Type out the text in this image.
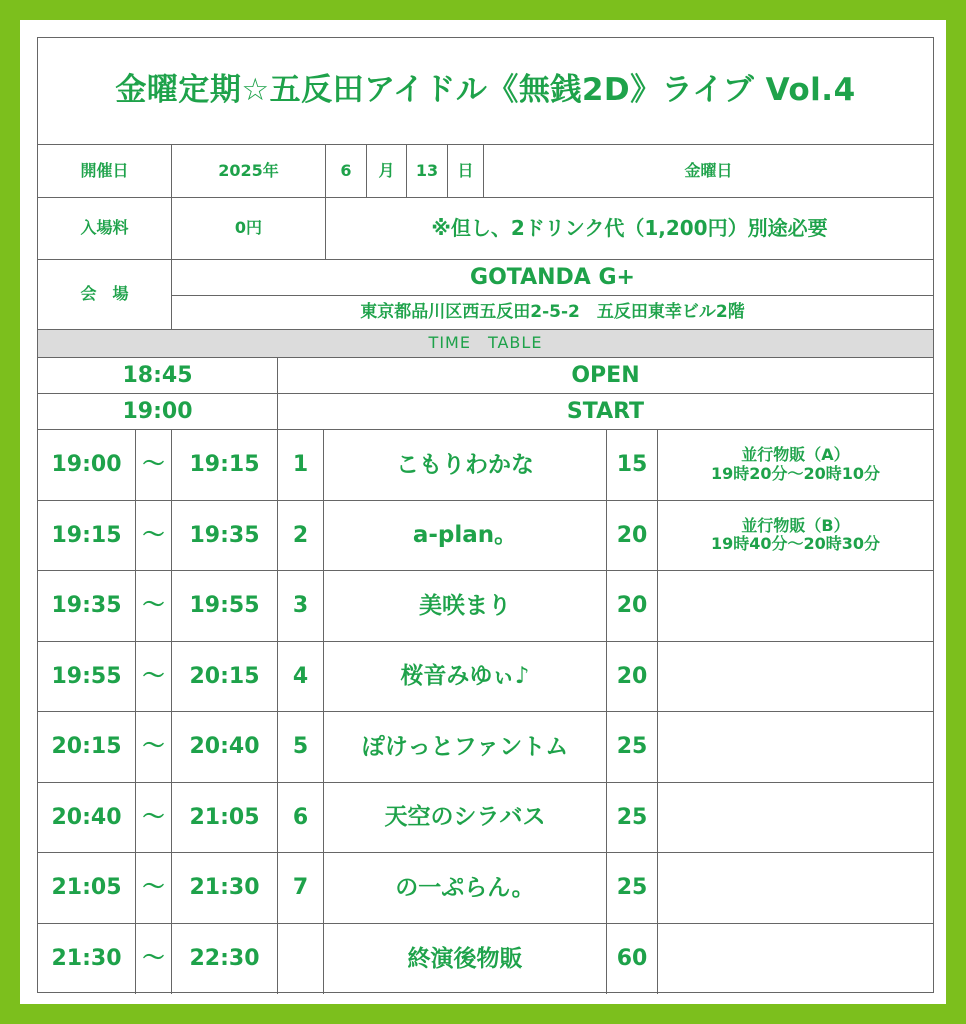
金曜定期☆五反田アイドル《無銭2D》ライブ Vol.4
開催日	2025年	6	月	13	日	金曜日
入場料	0円	※但し、2ドリンク代（1,200円）別途必要
会　場
GOTANDA G+
東京都品川区西五反田2-5-2　五反田東幸ビル2階
TIME　TABLE
18:45	OPEN
19:00	START
19:00 ～	19:15	1	こもりわかな	15	並行物販（A）
19時20分～20時10分
19:15 ～	19:35	2	a-plan。	20	並行物販（B）
19時40分～20時30分
19:35 ～	19:55	3	美咲まり	20
19:55 ～	20:15	4	桜音みゆぃ♪	20
20:15 ～	20:40	5	ぽけっとファントム	25
20:40 ～	21:05	6	天空のシラバス	25
21:05 ～	21:30	7	の一ぷらん。	25
21:30 ～	22:30	終演後物販	60
